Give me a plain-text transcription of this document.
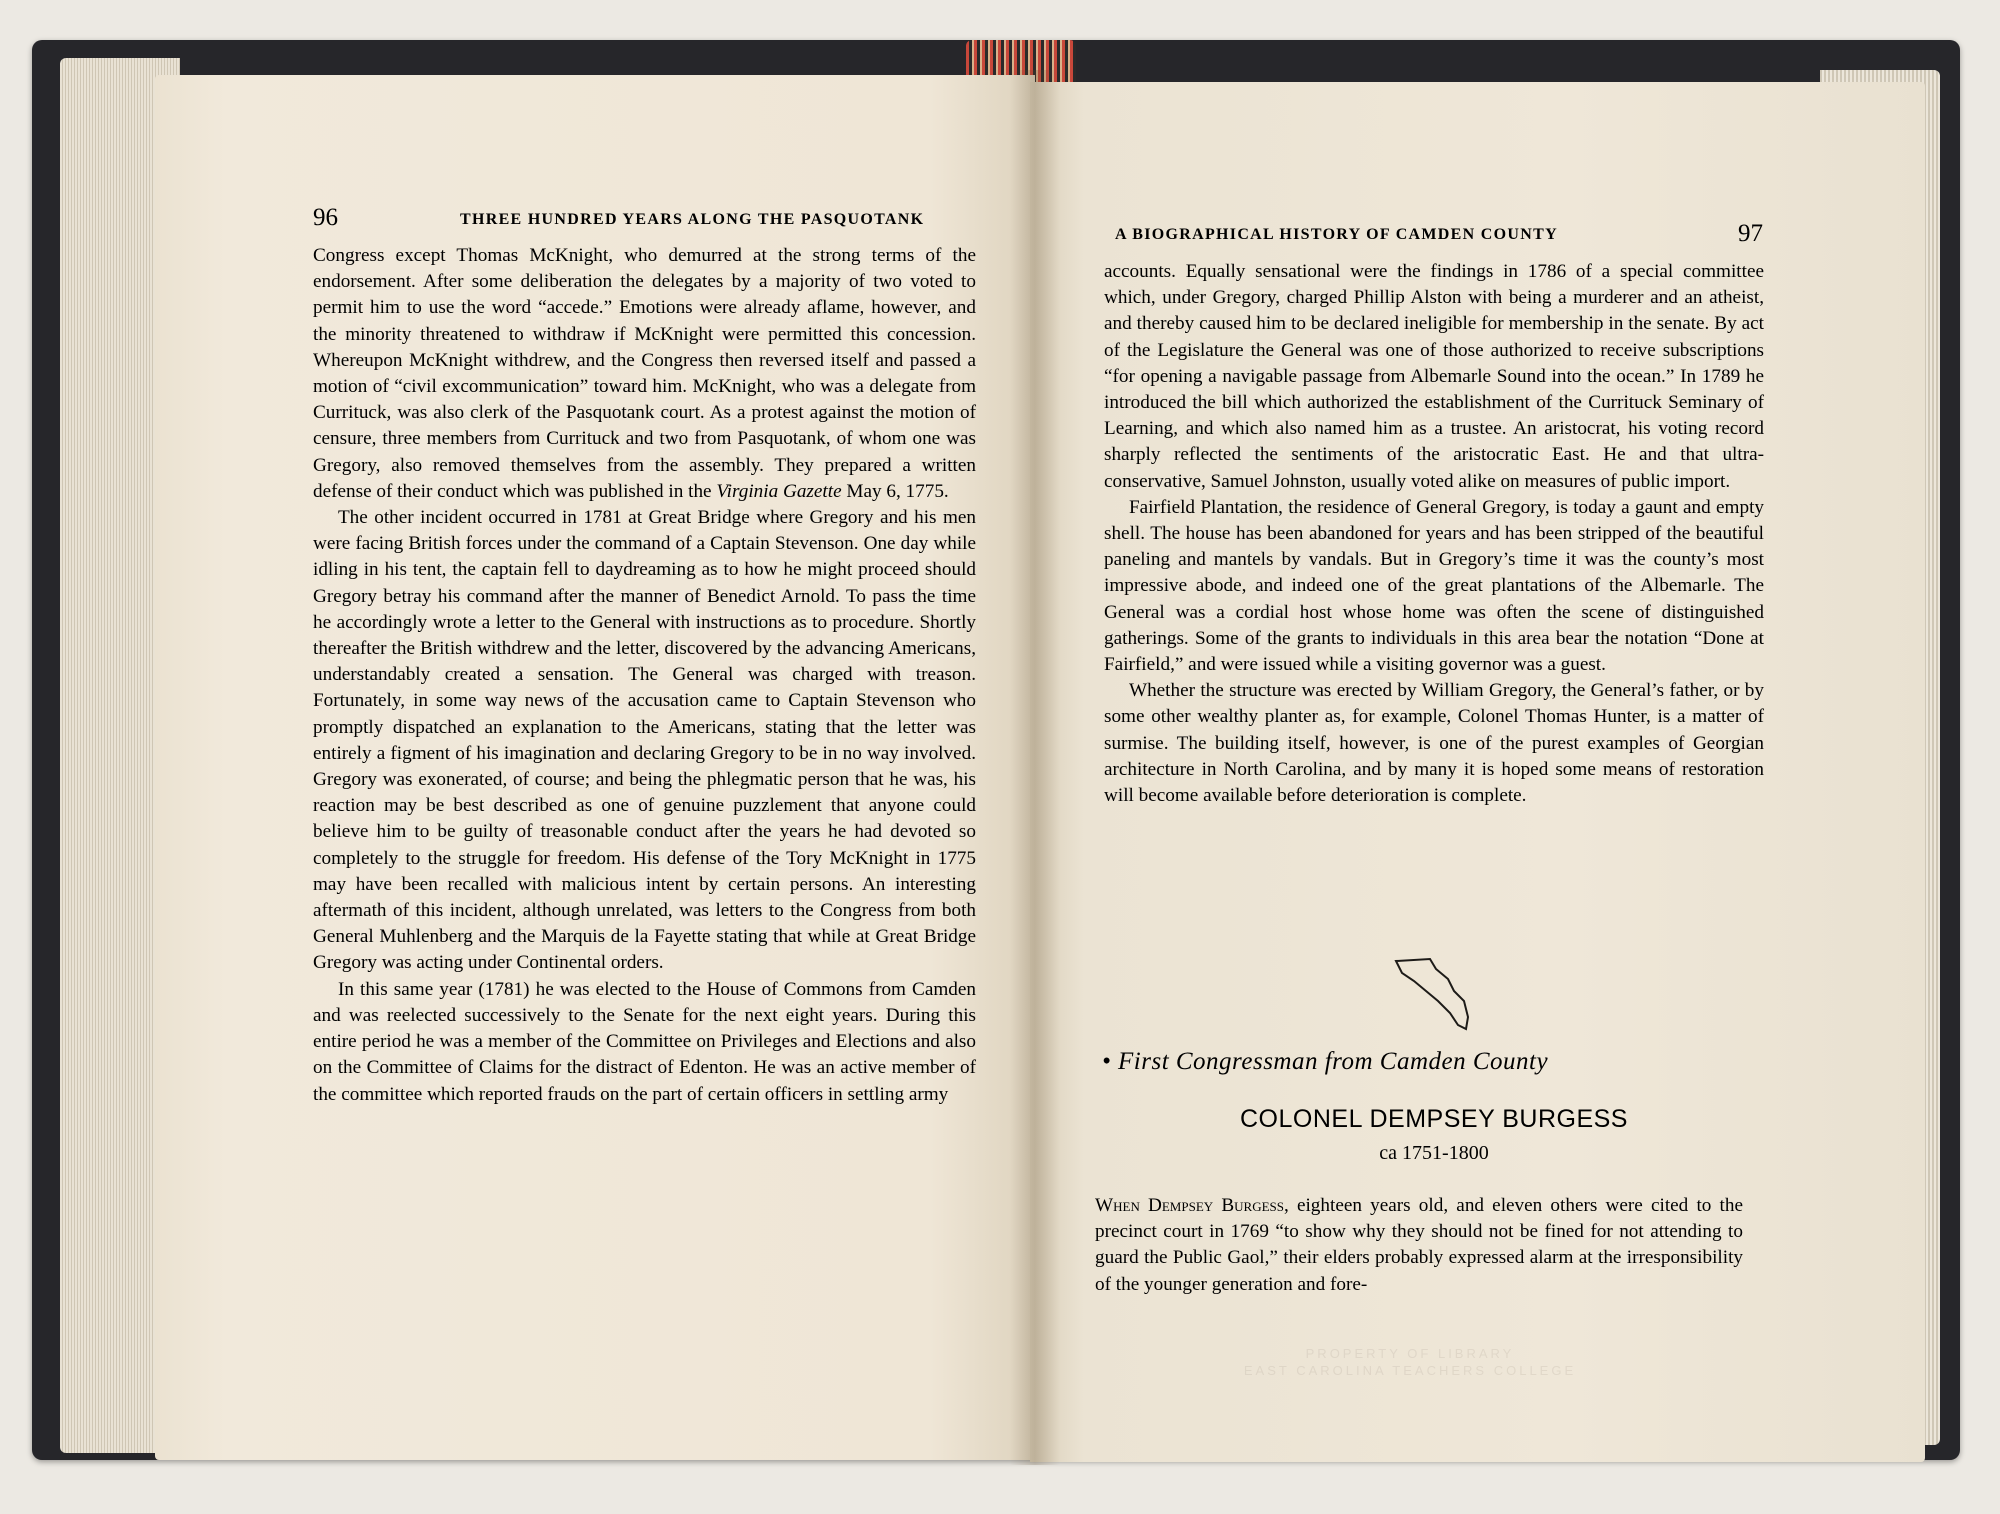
96	THREE HUNDRED YEARS ALONG THE PASQUOTANK

Congress except Thomas McKnight, who demurred at the strong terms of the endorsement. After some deliberation the delegates by a majority of two voted to permit him to use the word “accede.” Emotions were already aflame, however, and the minority threatened to withdraw if McKnight were permitted this concession. Whereupon McKnight withdrew, and the Congress then reversed itself and passed a motion of “civil excommunication” toward him. McKnight, who was a delegate from Currituck, was also clerk of the Pasquotank court. As a protest against the motion of censure, three members from Currituck and two from Pasquotank, of whom one was Gregory, also removed themselves from the assembly. They prepared a written defense of their conduct which was published in the Virginia Gazette May 6, 1775.

The other incident occurred in 1781 at Great Bridge where Gregory and his men were facing British forces under the command of a Captain Stevenson. One day while idling in his tent, the captain fell to daydreaming as to how he might proceed should Gregory betray his command after the manner of Benedict Arnold. To pass the time he accordingly wrote a letter to the General with instructions as to procedure. Shortly thereafter the British withdrew and the letter, discovered by the advancing Americans, understandably created a sensation. The General was charged with treason. Fortunately, in some way news of the accusation came to Captain Stevenson who promptly dispatched an explanation to the Americans, stating that the letter was entirely a figment of his imagination and declaring Gregory to be in no way involved. Gregory was exonerated, of course; and being the phlegmatic person that he was, his reaction may be best described as one of genuine puzzlement that anyone could believe him to be guilty of treasonable conduct after the years he had devoted so completely to the struggle for freedom. His defense of the Tory McKnight in 1775 may have been recalled with malicious intent by certain persons. An interesting aftermath of this incident, although unrelated, was letters to the Congress from both General Muhlenberg and the Marquis de la Fayette stating that while at Great Bridge Gregory was acting under Continental orders.

In this same year (1781) he was elected to the House of Commons from Camden and was reelected successively to the Senate for the next eight years. During this entire period he was a member of the Committee on Privileges and Elections and also on the Committee of Claims for the distract of Edenton. He was an active member of the committee which reported frauds on the part of certain officers in settling army

A BIOGRAPHICAL HISTORY OF CAMDEN COUNTY	97

accounts. Equally sensational were the findings in 1786 of a special committee which, under Gregory, charged Phillip Alston with being a murderer and an atheist, and thereby caused him to be declared ineligible for membership in the senate. By act of the Legislature the General was one of those authorized to receive subscriptions “for opening a navigable passage from Albemarle Sound into the ocean.” In 1789 he introduced the bill which authorized the establishment of the Currituck Seminary of Learning, and which also named him as a trustee. An aristocrat, his voting record sharply reflected the sentiments of the aristocratic East. He and that ultra-conservative, Samuel Johnston, usually voted alike on measures of public import.

Fairfield Plantation, the residence of General Gregory, is today a gaunt and empty shell. The house has been abandoned for years and has been stripped of the beautiful paneling and mantels by vandals. But in Gregory’s time it was the county’s most impressive abode, and indeed one of the great plantations of the Albemarle. The General was a cordial host whose home was often the scene of distinguished gatherings. Some of the grants to individuals in this area bear the notation “Done at Fairfield,” and were issued while a visiting governor was a guest.

Whether the structure was erected by William Gregory, the General’s father, or by some other wealthy planter as, for example, Colonel Thomas Hunter, is a matter of surmise. The building itself, however, is one of the purest examples of Georgian architecture in North Carolina, and by many it is hoped some means of restoration will become available before deterioration is complete.

• First Congressman from Camden County
COLONEL DEMPSEY BURGESS
ca 1751-1800

When Dempsey Burgess, eighteen years old, and eleven others were cited to the precinct court in 1769 “to show why they should not be fined for not attending to guard the Public Gaol,” their elders probably expressed alarm at the irresponsibility of the younger generation and fore-

PROPERTY OF LIBRARY
EAST CAROLINA TEACHERS COLLEGE
